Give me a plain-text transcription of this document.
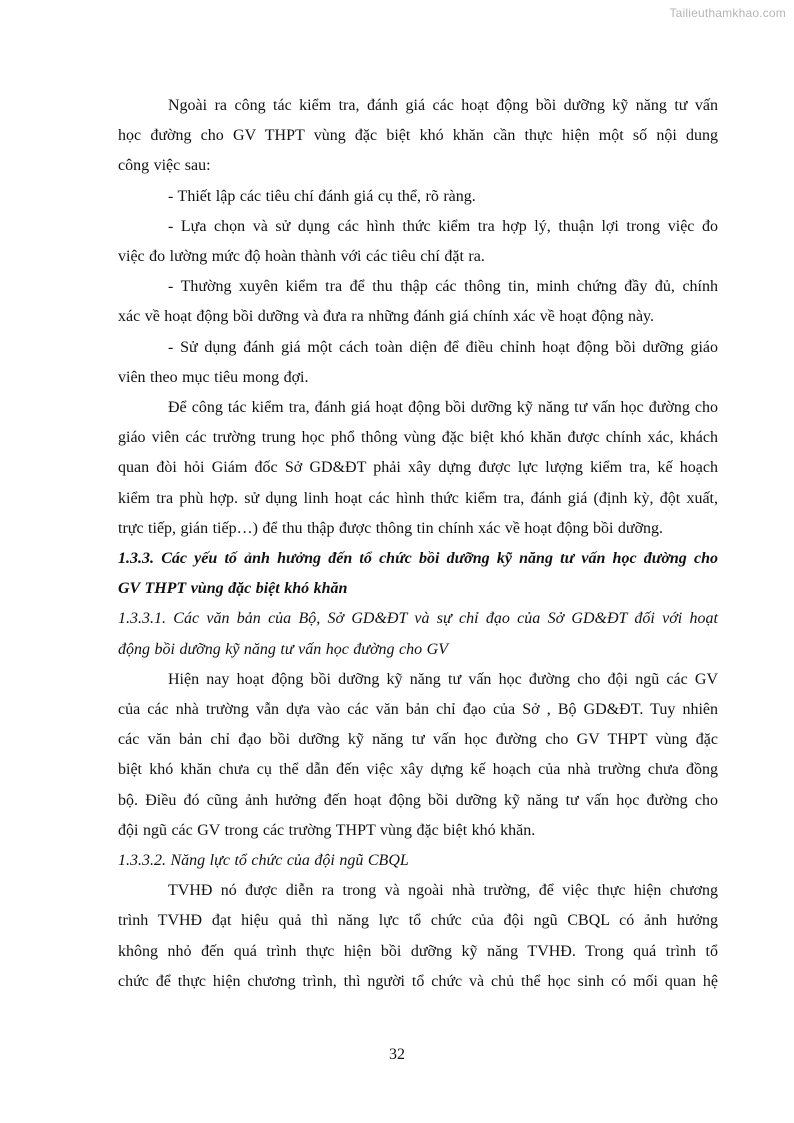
Tailieuthamkhao.com
Ngoài ra công tác kiểm tra, đánh giá các hoạt động bồi dưỡng kỹ năng tư vấn
học đường cho GV THPT vùng đặc biệt khó khăn cần thực hiện một số nội dung
công việc sau:
- Thiết lập các tiêu chí đánh giá cụ thể, rõ ràng.
- Lựa chọn và sử dụng các hình thức kiểm tra hợp lý, thuận lợi trong việc đo
việc đo lường mức độ hoàn thành với các tiêu chí đặt ra.
- Thường xuyên kiểm tra để thu thập các thông tin, minh chứng đầy đủ, chính
xác về hoạt động bồi dưỡng và đưa ra những đánh giá chính xác về hoạt động này.
- Sử dụng đánh giá một cách toàn diện để điều chỉnh hoạt động bồi dưỡng giáo
viên theo mục tiêu mong đợi.
Để công tác kiểm tra, đánh giá hoạt động bồi dưỡng kỹ năng tư vấn học đường cho
giáo viên các trường trung học phổ thông vùng đặc biệt khó khăn được chính xác, khách
quan đòi hỏi Giám đốc Sở GD&ĐT phải xây dựng được lực lượng kiểm tra, kế hoạch
kiểm tra phù hợp. sử dụng linh hoạt các hình thức kiểm tra, đánh giá (định kỳ, đột xuất,
trực tiếp, gián tiếp…) để thu thập được thông tin chính xác về hoạt động bồi dưỡng.
1.3.3. Các yếu tố ảnh hưởng đến tổ chức bồi dưỡng kỹ năng tư vấn học đường cho
GV THPT vùng đặc biệt khó khăn
1.3.3.1. Các văn bản của Bộ, Sở GD&ĐT và sự chỉ đạo của Sở GD&ĐT đối với hoạt
động bồi dưỡng kỹ năng tư vấn học đường cho GV
Hiện nay hoạt động bồi dưỡng kỹ năng tư vấn học đường cho đội ngũ các GV
của các nhà trường vẫn dựa vào các văn bản chỉ đạo của Sở , Bộ GD&ĐT. Tuy nhiên
các văn bản chỉ đạo bồi dưỡng kỹ năng tư vấn học đường cho GV THPT vùng đặc
biệt khó khăn chưa cụ thể dẫn đến việc xây dựng kế hoạch của nhà trường chưa đồng
bộ. Điều đó cũng ảnh hưởng đến hoạt động bồi dưỡng kỹ năng tư vấn học đường cho
đội ngũ các GV trong các trường THPT vùng đặc biệt khó khăn.
1.3.3.2. Năng lực tổ chức của đội ngũ CBQL
TVHĐ nó được diễn ra trong và ngoài nhà trường, để việc thực hiện chương
trình TVHĐ đạt hiệu quả thì năng lực tổ chức của đội ngũ CBQL có ảnh hưởng
không nhỏ đến quá trình thực hiện bồi dưỡng kỹ năng TVHĐ. Trong quá trình tổ
chức để thực hiện chương trình, thì người tổ chức và chủ thể học sinh có mối quan hệ
32
